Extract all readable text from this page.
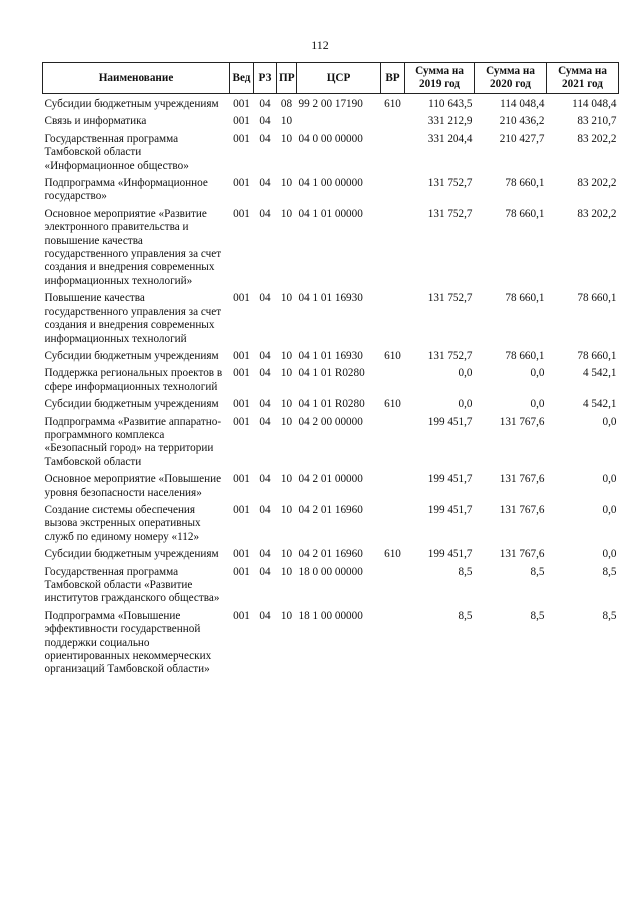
112
Наименование	Вед	РЗ	ПР	ЦСР	ВР	Сумма на 2019 год	Сумма на 2020 год	Сумма на 2021 год
Субсидии бюджетным учреждениям	001	04	08	99 2 00 17190	610	110 643,5	114 048,4	114 048,4
Связь и информатика	001	04	10			331 212,9	210 436,2	83 210,7
Государственная программа Тамбовской области «Информационное общество»	001	04	10	04 0 00 00000		331 204,4	210 427,7	83 202,2
Подпрограмма «Информационное государство»	001	04	10	04 1 00 00000		131 752,7	78 660,1	83 202,2
Основное мероприятие «Развитие электронного правительства и повышение качества государственного управления за счет создания и внедрения современных информационных технологий»	001	04	10	04 1 01 00000		131 752,7	78 660,1	83 202,2
Повышение качества государственного управления за счет создания и внедрения современных информационных технологий	001	04	10	04 1 01 16930		131 752,7	78 660,1	78 660,1
Субсидии бюджетным учреждениям	001	04	10	04 1 01 16930	610	131 752,7	78 660,1	78 660,1
Поддержка региональных проектов в сфере информационных технологий	001	04	10	04 1 01 R0280		0,0	0,0	4 542,1
Субсидии бюджетным учреждениям	001	04	10	04 1 01 R0280	610	0,0	0,0	4 542,1
Подпрограмма «Развитие аппаратно-программного комплекса «Безопасный город» на территории Тамбовской области	001	04	10	04 2 00 00000		199 451,7	131 767,6	0,0
Основное мероприятие «Повышение уровня безопасности населения»	001	04	10	04 2 01 00000		199 451,7	131 767,6	0,0
Создание системы обеспечения вызова экстренных оперативных служб по единому номеру «112»	001	04	10	04 2 01 16960		199 451,7	131 767,6	0,0
Субсидии бюджетным учреждениям	001	04	10	04 2 01 16960	610	199 451,7	131 767,6	0,0
Государственная программа Тамбовской области «Развитие институтов гражданского общества»	001	04	10	18 0 00 00000		8,5	8,5	8,5
Подпрограмма «Повышение эффективности государственной поддержки социально ориентированных некоммерческих организаций Тамбовской области»	001	04	10	18 1 00 00000		8,5	8,5	8,5
